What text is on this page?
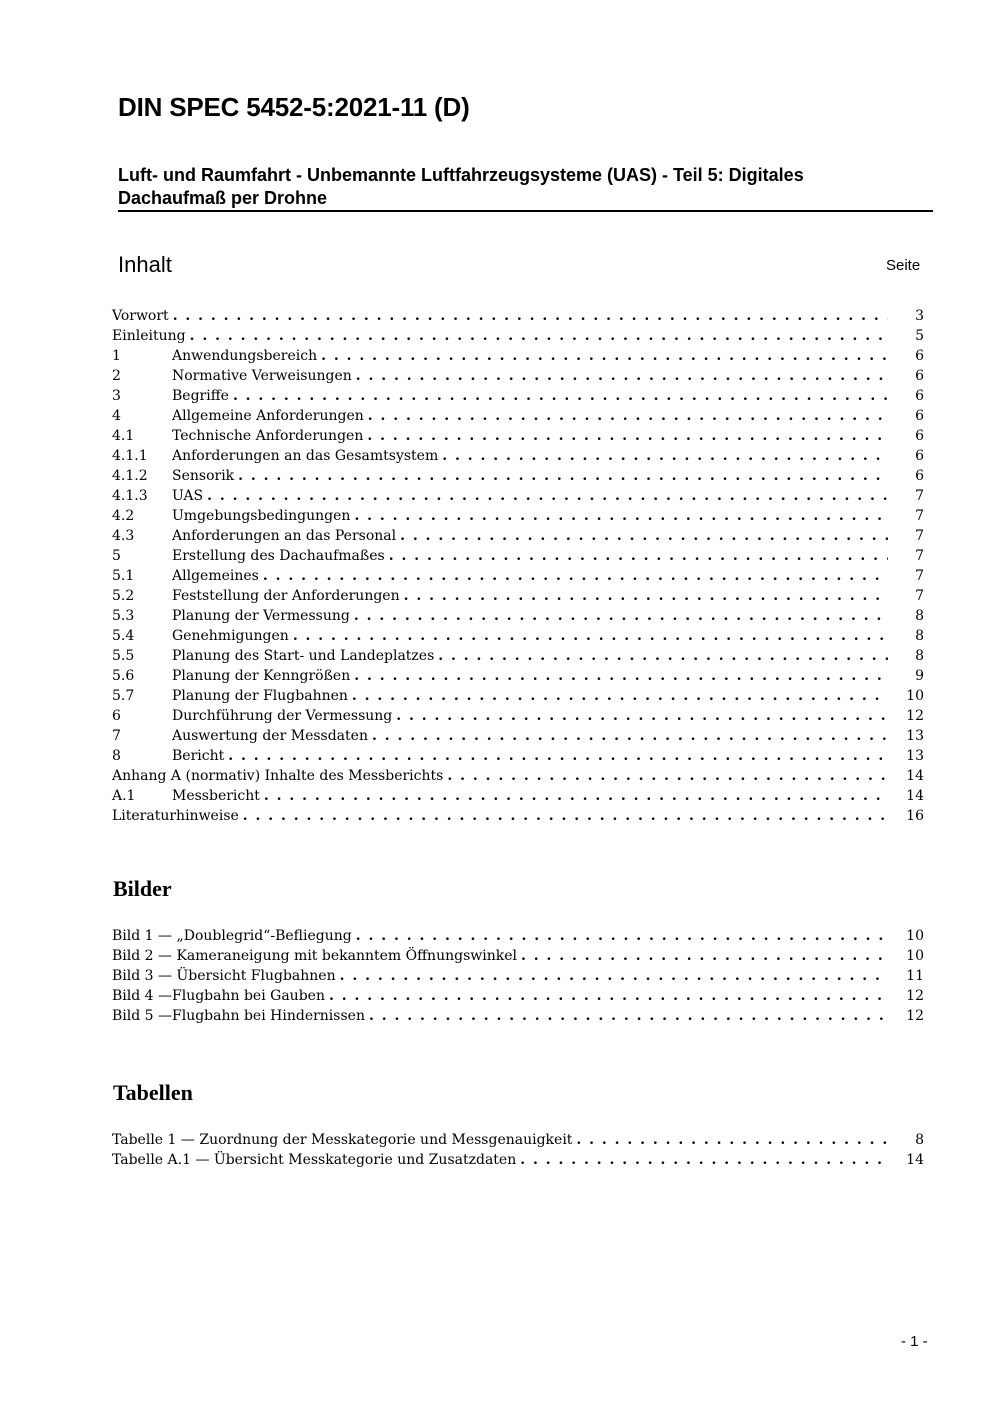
DIN SPEC 5452-5:2021-11 (D)
Luft- und Raumfahrt - Unbemannte Luftfahrzeugsysteme (UAS) - Teil 5: Digitales
Dachaufmaß per Drohne
Inhalt	Seite
Vorwort . . .	3
Einleitung . . .	5
1	Anwendungsbereich . . .	6
2	Normative Verweisungen . . .	6
3	Begriffe . . .	6
4	Allgemeine Anforderungen . . .	6
4.1	Technische Anforderungen . . .	6
4.1.1	Anforderungen an das Gesamtsystem . . .	6
4.1.2	Sensorik . . .	6
4.1.3	UAS . . .	7
4.2	Umgebungsbedingungen . . .	7
4.3	Anforderungen an das Personal . . .	7
5	Erstellung des Dachaufmaßes . . .	7
5.1	Allgemeines . . .	7
5.2	Feststellung der Anforderungen . . .	7
5.3	Planung der Vermessung . . .	8
5.4	Genehmigungen . . .	8
5.5	Planung des Start- und Landeplatzes . . .	8
5.6	Planung der Kenngrößen . . .	9
5.7	Planung der Flugbahnen . . .	10
6	Durchführung der Vermessung . . .	12
7	Auswertung der Messdaten . . .	13
8	Bericht . . .	13
Anhang A (normativ) Inhalte des Messberichts . . .	14
A.1	Messbericht . . .	14
Literaturhinweise . . .	16
Bilder
Bild 1 — „Doublegrid“-Befliegung . . .	10
Bild 2 — Kameraneigung mit bekanntem Öffnungswinkel . . .	10
Bild 3 — Übersicht Flugbahnen . . .	11
Bild 4 —Flugbahn bei Gauben . . .	12
Bild 5 —Flugbahn bei Hindernissen . . .	12
Tabellen
Tabelle 1 — Zuordnung der Messkategorie und Messgenauigkeit . . .	8
Tabelle A.1 — Übersicht Messkategorie und Zusatzdaten . . .	14
- 1 -
